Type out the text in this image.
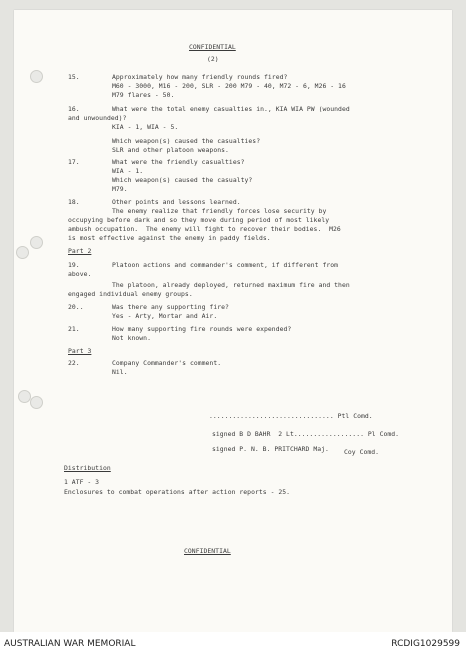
CONFIDENTIAL
(2)
15.	Approximately how many friendly rounds fired?
M60 - 3000, M16 - 200, SLR - 200 M79 - 40, M72 - 6, M26 - 16
M79 flares - 50.
16.	What were the total enemy casualties in., KIA WIA PW (wounded
and unwounded)?
KIA - 1, WIA - 5.
Which weapon(s) caused the casualties?
SLR and other platoon weapons.
17.	What were the friendly casualties?
WIA - 1.
Which weapon(s) caused the casualty?
M79.
18.	Other points and lessons learned.
The enemy realize that friendly forces lose security by
occupying before dark and so they move during period of most likely
ambush occupation.  The enemy will fight to recover their bodies.  M26
is most effective against the enemy in paddy fields.
Part 2
19.	Platoon actions and commander's comment, if different from
above.
The platoon, already deployed, returned maximum fire and then
engaged individual enemy groups.
20..	Was there any supporting fire?
Yes - Arty, Mortar and Air.
21.	How many supporting fire rounds were expended?
Not known.
Part 3
22.	Company Commander's comment.
Nil.
................................ Ptl Comd.
signed B D BAHR  2 Lt.................. Pl Comd.
signed P. N. B. PRITCHARD Maj. Coy Comd.
Distribution
1 ATF - 3
Enclosures to combat operations after action reports - 25.
CONFIDENTIAL
AUSTRALIAN WAR MEMORIAL	RCDIG1029599
